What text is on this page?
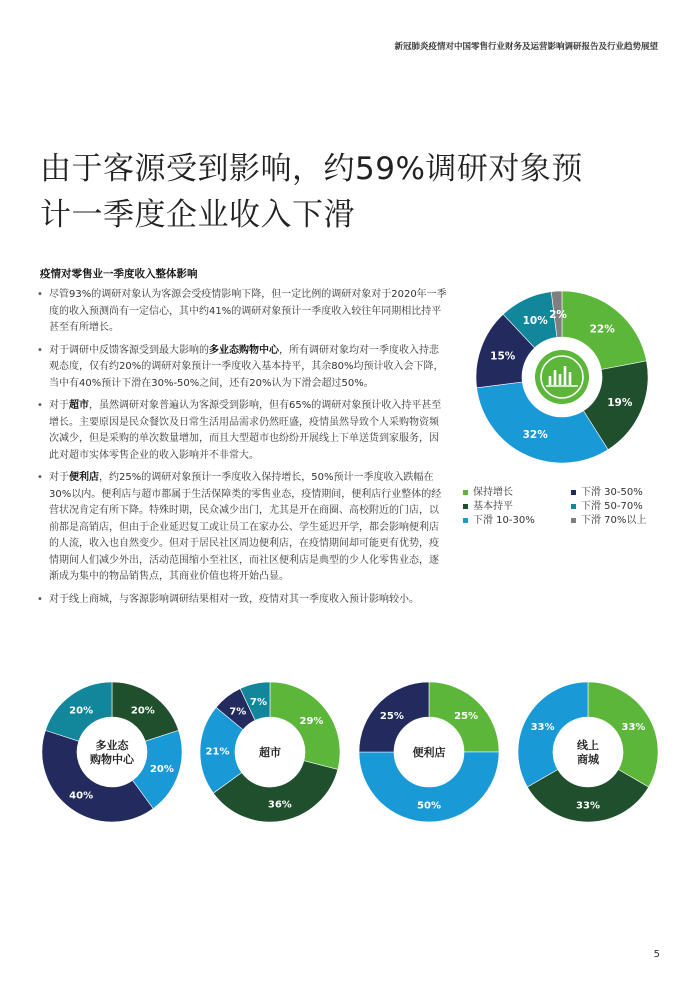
新冠肺炎疫情对中国零售行业财务及运营影响调研报告及行业趋势展望
由于客源受到影响，约59%调研对象预
计一季度企业收入下滑
疫情对零售业一季度收入整体影响
• 尽管93%的调研对象认为客源会受疫情影响下降，但一定比例的调研对象对于2020年一季度的收入预测尚有一定信心，其中约41%的调研对象预计一季度收入较往年同期相比持平甚至有所增长。
• 对于调研中反馈客源受到最大影响的多业态购物中心，所有调研对象均对一季度收入持悲观态度，仅有约20%的调研对象预计一季度收入基本持平，其余80%均预计收入会下降，当中有40%预计下滑在30%-50%之间，还有20%认为下滑会超过50%。
• 对于超市，虽然调研对象普遍认为客源受到影响，但有65%的调研对象预计收入持平甚至增长。主要原因是民众餐饮及日常生活用品需求仍然旺盛，疫情虽然导致个人采购物资频次减少，但是采购的单次数量增加，而且大型超市也纷纷开展线上下单送货到家服务，因此对超市实体零售企业的收入影响并不非常大。
• 对于便利店，约25%的调研对象预计一季度收入保持增长，50%预计一季度收入跌幅在30%以内。便利店与超市都属于生活保障类的零售业态，疫情期间，便利店行业整体的经营状况肯定有所下降。特殊时期，民众减少出门，尤其是开在商圈、高校附近的门店，以前都是高销店，但由于企业延迟复工或让员工在家办公、学生延迟开学，都会影响便利店的人流，收入也自然变少。但对于居民社区周边便利店，在疫情期间却可能更有优势，疫情期间人们减少外出，活动范围缩小至社区，而社区便利店是典型的少人化零售业态，逐渐成为集中的物品销售点，其商业价值也将开始凸显。
• 对于线上商城，与客源影响调研结果相对一致，疫情对其一季度收入预计影响较小。
22%
19%
32%
15%
10% 2%
保持增长	下滑 30-50%
基本持平	下滑 50-70%
下滑 10-30%	下滑 70%以上
20%
20%
40%
20%
多业态
购物中心
29%
36%
21%
7%
7%
超市
25%
50%
25%
便利店
33%
33%
33%
线上
商城
5
